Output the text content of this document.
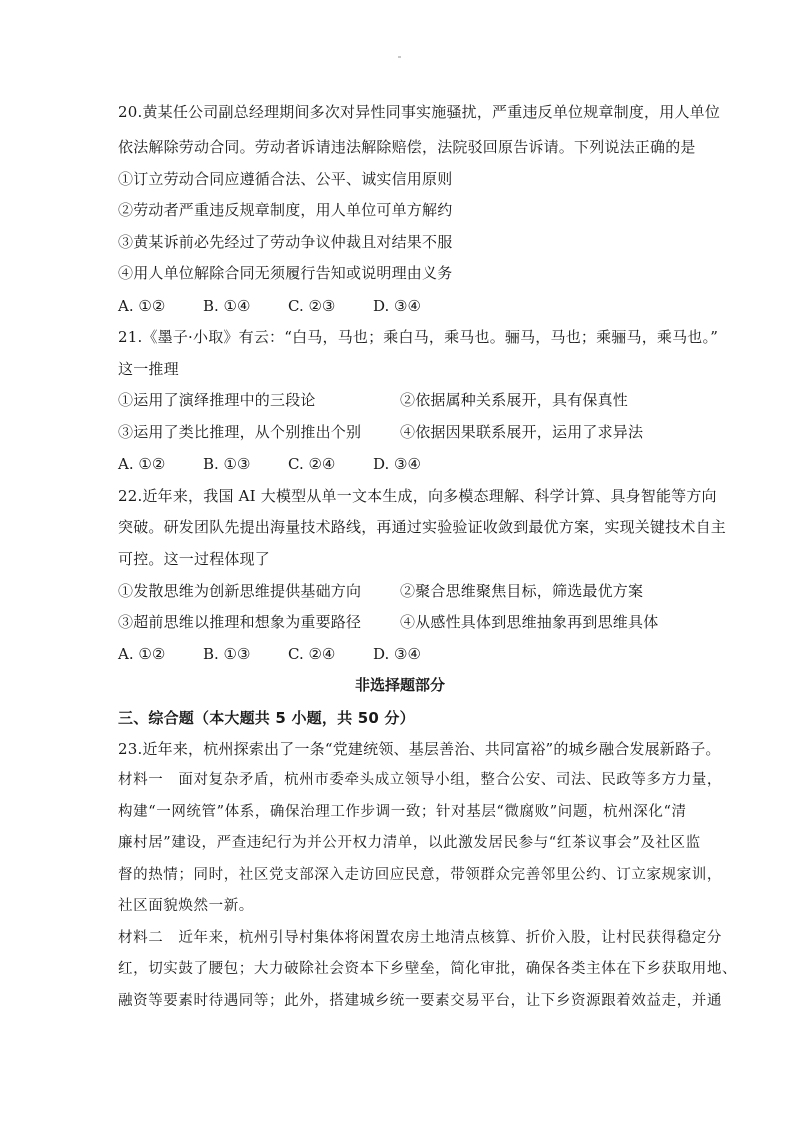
20.黄某任公司副总经理期间多次对异性同事实施骚扰，严重违反单位规章制度，用人单位
依法解除劳动合同。劳动者诉请违法解除赔偿，法院驳回原告诉请。下列说法正确的是
①订立劳动合同应遵循合法、公平、诚实信用原则
②劳动者严重违反规章制度，用人单位可单方解约
③黄某诉前必先经过了劳动争议仲裁且对结果不服
④用人单位解除合同无须履行告知或说明理由义务
A. ①②	B. ①④	C. ②③	D. ③④
21.《墨子·小取》有云：“白马，马也；乘白马，乘马也。骊马，马也；乘骊马，乘马也。”
这一推理
①运用了演绎推理中的三段论	②依据属种关系展开，具有保真性
③运用了类比推理，从个别推出个别	④依据因果联系展开，运用了求异法
A. ①②	B. ①③	C. ②④	D. ③④
22.近年来，我国 AI 大模型从单一文本生成，向多模态理解、科学计算、具身智能等方向
突破。研发团队先提出海量技术路线，再通过实验验证收敛到最优方案，实现关键技术自主
可控。这一过程体现了
①发散思维为创新思维提供基础方向	②聚合思维聚焦目标，筛选最优方案
③超前思维以推理和想象为重要路径	④从感性具体到思维抽象再到思维具体
A. ①②	B. ①③	C. ②④	D. ③④
非选择题部分
三、综合题（本大题共 5 小题，共 50 分）
23.近年来，杭州探索出了一条“党建统领、基层善治、共同富裕”的城乡融合发展新路子。
材料一　面对复杂矛盾，杭州市委牵头成立领导小组，整合公安、司法、民政等多方力量，
构建“一网统管”体系，确保治理工作步调一致；针对基层“微腐败”问题，杭州深化“清
廉村居”建设，严查违纪行为并公开权力清单，以此激发居民参与“红茶议事会”及社区监
督的热情；同时，社区党支部深入走访回应民意，带领群众完善邻里公约、订立家规家训，
社区面貌焕然一新。
材料二　近年来，杭州引导村集体将闲置农房土地清点核算、折价入股，让村民获得稳定分
红，切实鼓了腰包；大力破除社会资本下乡壁垒，简化审批，确保各类主体在下乡获取用地、
融资等要素时待遇同等；此外，搭建城乡统一要素交易平台，让下乡资源跟着效益走，并通
